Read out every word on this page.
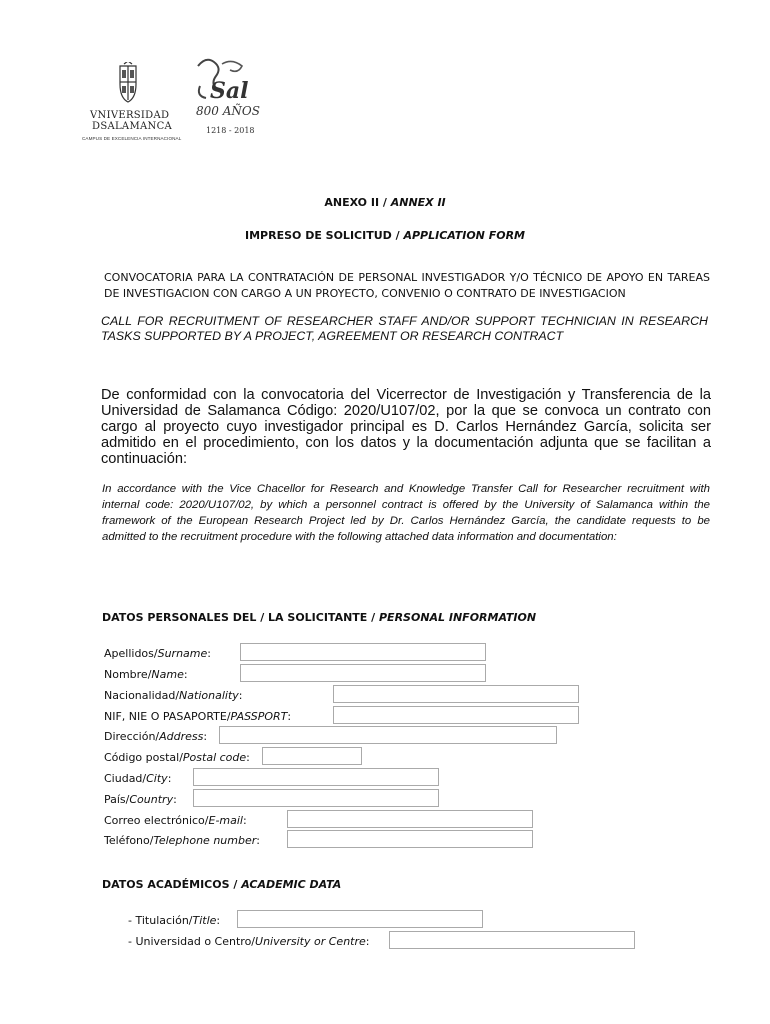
VNIVERSIDAD
DSALAMANCA
CAMPUS DE EXCELENCIA INTERNACIONAL
Sal
800 AÑOS
1218 - 2018
ANEXO II / ANNEX II
IMPRESO DE SOLICITUD / APPLICATION FORM
CONVOCATORIA PARA LA CONTRATACIÓN DE PERSONAL INVESTIGADOR Y/O TÉCNICO DE APOYO EN TAREAS DE INVESTIGACION CON CARGO A UN PROYECTO, CONVENIO O CONTRATO DE INVESTIGACION
CALL FOR RECRUITMENT OF RESEARCHER STAFF AND/OR SUPPORT TECHNICIAN IN RESEARCH TASKS SUPPORTED BY A PROJECT, AGREEMENT OR RESEARCH CONTRACT
De conformidad con la convocatoria del Vicerrector de Investigación y Transferencia de la Universidad de Salamanca Código: 2020/U107/02, por la que se convoca un contrato con cargo al proyecto cuyo investigador principal es D. Carlos Hernández García, solicita ser admitido en el procedimiento, con los datos y la documentación adjunta que se facilitan a continuación:
In accordance with the Vice Chacellor for Research and Knowledge Transfer Call for Researcher recruitment with internal code: 2020/U107/02, by which a personnel contract is offered by the University of Salamanca within the framework of the European Research Project led by Dr. Carlos Hernández García, the candidate requests to be admitted to the recruitment procedure with the following attached data information and documentation:
DATOS PERSONALES DEL / LA SOLICITANTE / PERSONAL INFORMATION
Apellidos/Surname:
Nombre/Name:
Nacionalidad/Nationality:
NIF, NIE O PASAPORTE/PASSPORT:
Dirección/Address:
Código postal/Postal code:
Ciudad/City:
País/Country:
Correo electrónico/E-mail:
Teléfono/Telephone number:
DATOS ACADÉMICOS / ACADEMIC DATA
- Titulación/Title:
- Universidad o Centro/University or Centre:
